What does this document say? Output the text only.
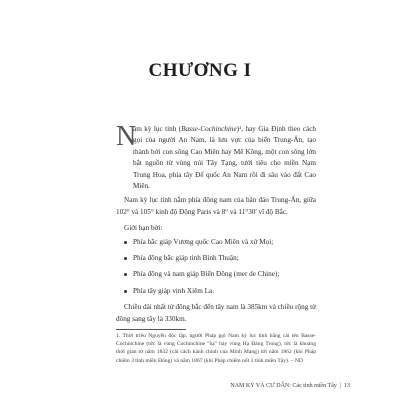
CHƯƠNG I
N

am kỳ lục tỉnh (Basse-Cochinchine)¹, hay Gia Định theo cách gọi của người An Nam, là lưu vực của biển Trung-Ấn, tạo thành bởi con sông Cao Miên hay Mê Kông, một con sông lớn bắt nguồn từ vùng núi Tây Tạng, tưới tiêu cho miền Nam Trung Hoa, phía tây Đế quốc An Nam rồi đi sâu vào đất Cao Miên.

Nam kỳ lục tỉnh nằm phía đông nam của bán đảo Trung-Ấn, giữa 102° và 105° kinh độ Đông Paris và 8° và 11°30' vĩ độ Bắc.

Giới hạn bởi:

Phía bắc giáp Vương quốc Cao Miên và xứ Mọi;
Phía đông bắc giáp tỉnh Bình Thuận;
Phía đông và nam giáp Biển Đông (mer de Chine);
Phía tây giáp vịnh Xiêm La.

Chiều dài nhất từ đông bắc đến tây nam là 385km và chiều rộng từ đông sang tây là 330km.

1. Thời triều Nguyễn độc lập, người Pháp gọi Nam kỳ lục tỉnh bằng cái tên Basse-Cochinchine (tức là vùng Cochinchine "hạ" hay vùng Hạ Đàng Trong), tức là khoảng thời gian từ năm 1832 (cải cách hành chính của Minh Mạng) tới năm 1862 (khi Pháp chiếm 3 tỉnh miền Đông) và năm 1867 (khi Pháp chiếm nốt 3 tỉnh miền Tây). – ND
NAM KỲ VÀ CƯ DÂN: Các tỉnh miền Tây | 13
